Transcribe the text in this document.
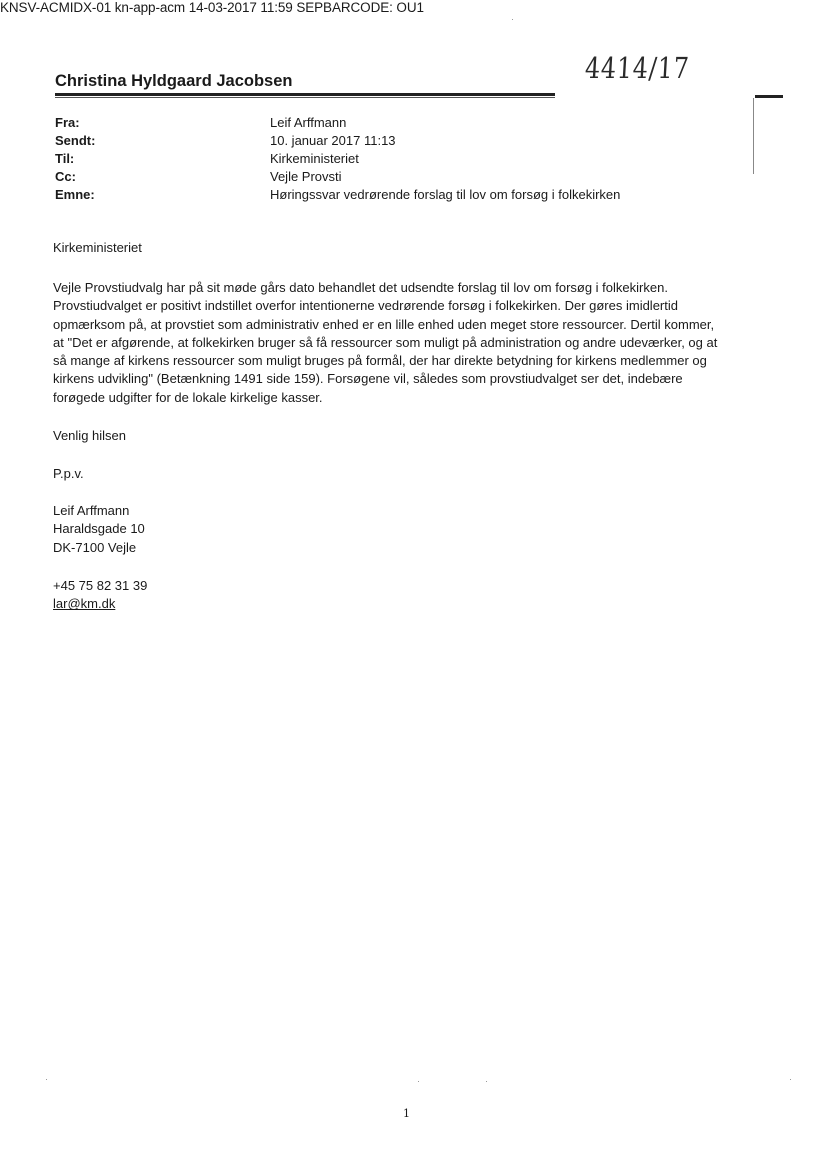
KNSV-ACMIDX-01 kn-app-acm 14-03-2017 11:59 SEPBARCODE: OU1
4414/17
Christina Hyldgaard Jacobsen
Fra:	Leif Arffmann
Sendt:	10. januar 2017 11:13
Til:	Kirkeministeriet
Cc:	Vejle Provsti
Emne:	Høringssvar vedrørende forslag til lov om forsøg i folkekirken
Kirkeministeriet
Vejle Provstiudvalg har på sit møde gårs dato behandlet det udsendte forslag til lov om forsøg i folkekirken.
Provstiudvalget er positivt indstillet overfor intentionerne vedrørende forsøg i folkekirken. Der gøres imidlertid
opmærksom på, at provstiet som administrativ enhed er en lille enhed uden meget store ressourcer. Dertil kommer,
at "Det er afgørende, at folkekirken bruger så få ressourcer som muligt på administration og andre udeværker, og at
så mange af kirkens ressourcer som muligt bruges på formål, der har direkte betydning for kirkens medlemmer og
kirkens udvikling" (Betænkning 1491 side 159). Forsøgene vil, således som provstiudvalget ser det, indebære
forøgede udgifter for de lokale kirkelige kasser.
Venlig hilsen
P.p.v.
Leif Arffmann
Haraldsgade 10
DK-7100 Vejle
+45 75 82 31 39
lar@km.dk
1
